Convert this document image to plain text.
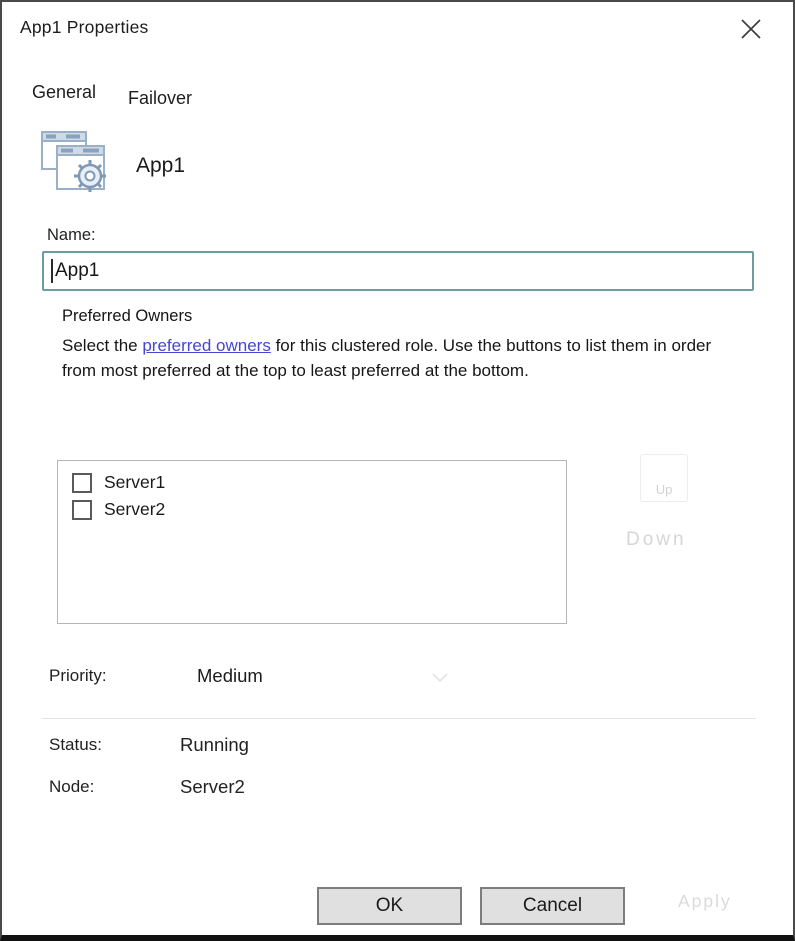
App1 Properties
General Failover
App1
Name:
App1
Preferred Owners
Select the preferred owners for this clustered role. Use the buttons to list them in order from most preferred at the top to least preferred at the bottom.
Server1
Server2
Up
Down
Priority:	Medium
Status:	Running
Node:	Server2
OK	Cancel	Apply
